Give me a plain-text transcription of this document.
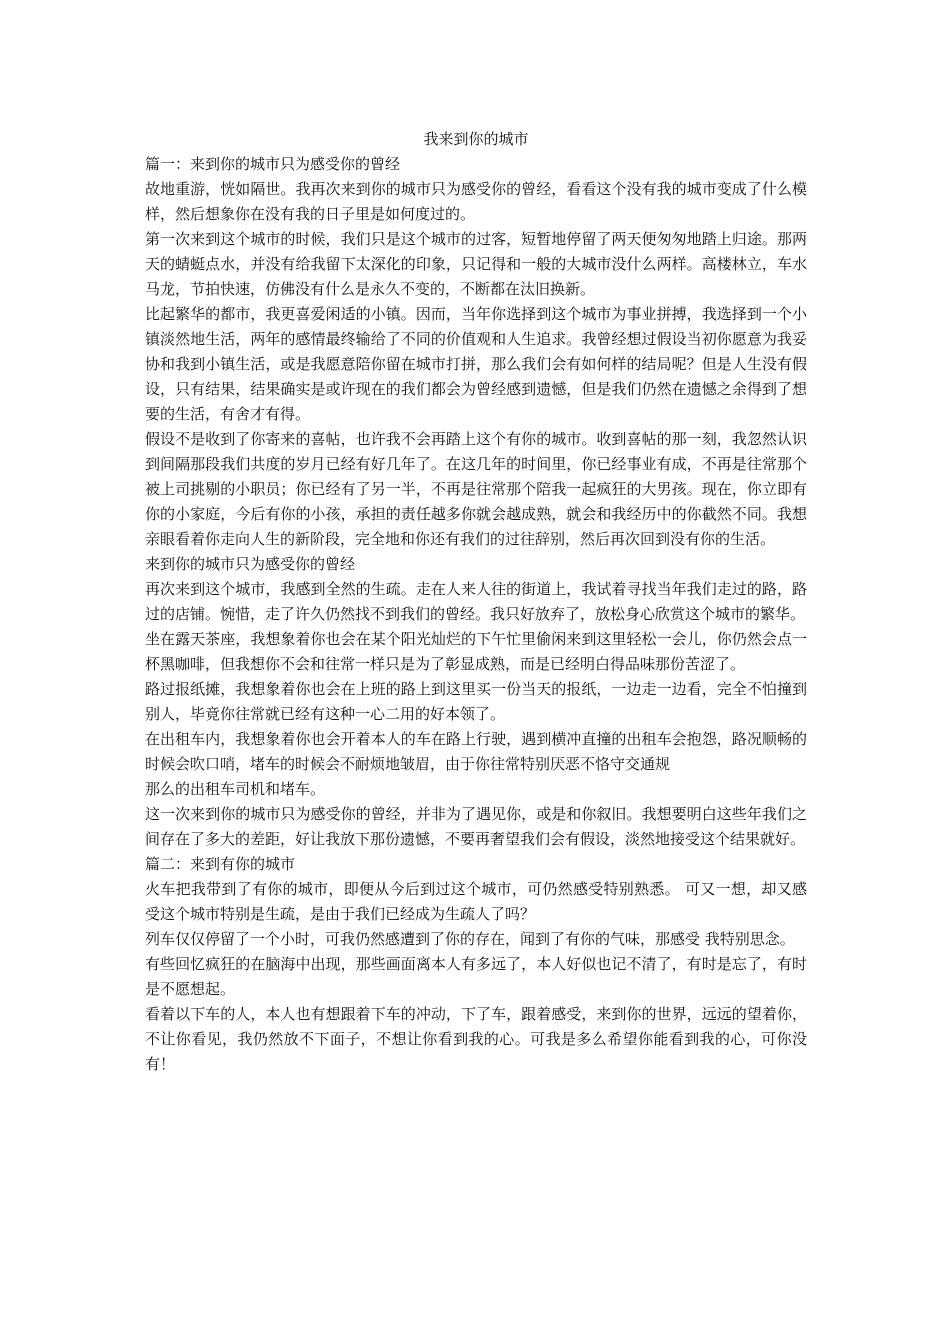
我来到你的城市

篇一：来到你的城市只为感受你的曾经

故地重游，恍如隔世。我再次来到你的城市只为感受你的曾经，看看这个没有我的城市变成了什么模样，然后想象你在没有我的日子里是如何度过的。

第一次来到这个城市的时候，我们只是这个城市的过客，短暂地停留了两天便匆匆地踏上归途。那两天的蜻蜓点水，并没有给我留下太深化的印象，只记得和一般的大城市没什么两样。高楼林立，车水马龙，节拍快速，仿佛没有什么是永久不变的，不断都在汰旧换新。

比起繁华的都市，我更喜爱闲适的小镇。因而，当年你选择到这个城市为事业拼搏，我选择到一个小镇淡然地生活，两年的感情最终输给了不同的价值观和人生追求。我曾经想过假设当初你愿意为我妥协和我到小镇生活，或是我愿意陪你留在城市打拼，那么我们会有如何样的结局呢？但是人生没有假设，只有结果，结果确实是或许现在的我们都会为曾经感到遗憾，但是我们仍然在遗憾之余得到了想要的生活，有舍才有得。

假设不是收到了你寄来的喜帖，也许我不会再踏上这个有你的城市。收到喜帖的那一刻，我忽然认识到间隔那段我们共度的岁月已经有好几年了。在这几年的时间里，你已经事业有成，不再是往常那个被上司挑剔的小职员；你已经有了另一半，不再是往常那个陪我一起疯狂的大男孩。现在，你立即有你的小家庭，今后有你的小孩，承担的责任越多你就会越成熟，就会和我经历中的你截然不同。我想亲眼看着你走向人生的新阶段，完全地和你还有我们的过往辞别，然后再次回到没有你的生活。

来到你的城市只为感受你的曾经

再次来到这个城市，我感到全然的生疏。走在人来人往的街道上，我试着寻找当年我们走过的路，路过的店铺。惋惜，走了许久仍然找不到我们的曾经。我只好放弃了，放松身心欣赏这个城市的繁华。

坐在露天茶座，我想象着你也会在某个阳光灿烂的下午忙里偷闲来到这里轻松一会儿，你仍然会点一杯黑咖啡，但我想你不会和往常一样只是为了彰显成熟，而是已经明白得品味那份苦涩了。

路过报纸摊，我想象着你也会在上班的路上到这里买一份当天的报纸，一边走一边看，完全不怕撞到别人，毕竟你往常就已经有这种一心二用的好本领了。

在出租车内，我想象着你也会开着本人的车在路上行驶，遇到横冲直撞的出租车会抱怨，路况顺畅的时候会吹口哨，堵车的时候会不耐烦地皱眉，由于你往常特别厌恶不恪守交通规

那么的出租车司机和堵车。

这一次来到你的城市只为感受你的曾经，并非为了遇见你，或是和你叙旧。我想要明白这些年我们之间存在了多大的差距，好让我放下那份遗憾，不要再奢望我们会有假设，淡然地接受这个结果就好。

篇二：来到有你的城市

火车把我带到了有你的城市，即便从今后到过这个城市，可仍然感受特别熟悉。 可又一想，却又感受这个城市特别是生疏，是由于我们已经成为生疏人了吗？

列车仅仅停留了一个小时，可我仍然感遭到了你的存在，闻到了有你的气味，那感受 我特别思念。

有些回忆疯狂的在脑海中出现，那些画面离本人有多远了，本人好似也记不清了，有时是忘了，有时是不愿想起。

看着以下车的人，本人也有想跟着下车的冲动，下了车，跟着感受，来到你的世界，远远的望着你，不让你看见，我仍然放不下面子，不想让你看到我的心。可我是多么希望你能看到我的心，可你没有！
